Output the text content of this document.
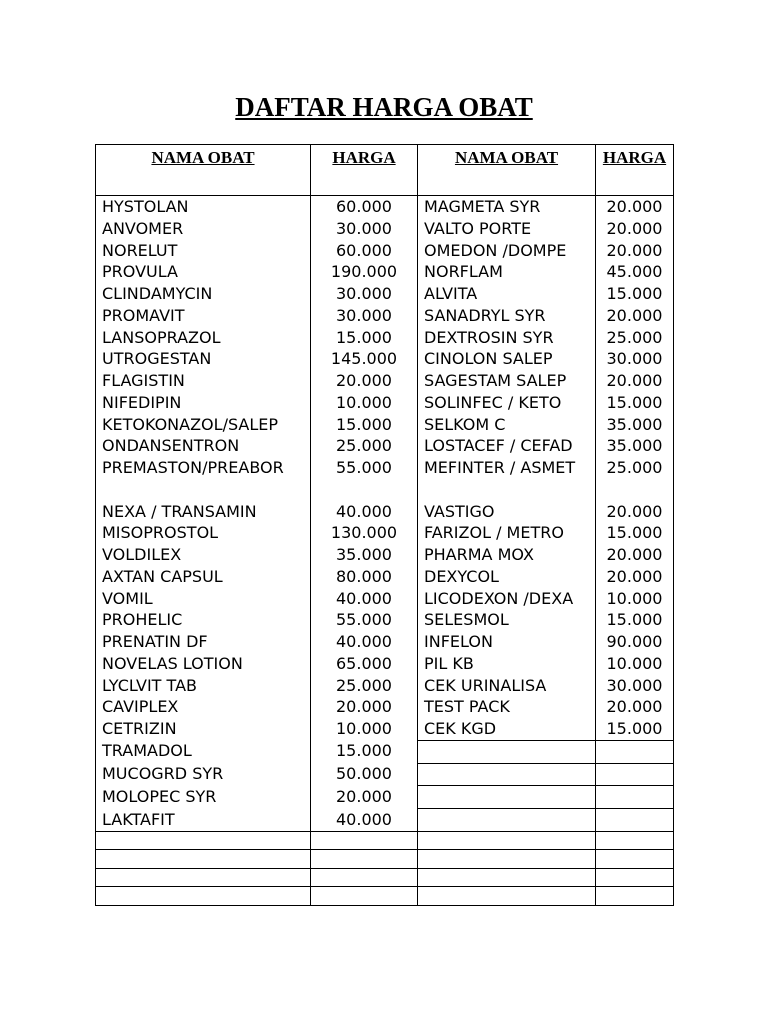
DAFTAR HARGA OBAT
NAMA OBAT	HARGA	NAMA OBAT	HARGA
HYSTOLAN	60.000	MAGMETA SYR	20.000
ANVOMER	30.000	VALTO PORTE	20.000
NORELUT	60.000	OMEDON /DOMPE	20.000
PROVULA	190.000	NORFLAM	45.000
CLINDAMYCIN	30.000	ALVITA	15.000
PROMAVIT	30.000	SANADRYL SYR	20.000
LANSOPRAZOL	15.000	DEXTROSIN SYR	25.000
UTROGESTAN	145.000	CINOLON SALEP	30.000
FLAGISTIN	20.000	SAGESTAM SALEP	20.000
NIFEDIPIN	10.000	SOLINFEC / KETO	15.000
KETOKONAZOL/SALEP	15.000	SELKOM C	35.000
ONDANSENTRON	25.000	LOSTACEF / CEFAD	35.000
PREMASTON/PREABOR	55.000	MEFINTER / ASMET	25.000
NEXA / TRANSAMIN	40.000	VASTIGO	20.000
MISOPROSTOL	130.000	FARIZOL / METRO	15.000
VOLDILEX	35.000	PHARMA MOX	20.000
AXTAN CAPSUL	80.000	DEXYCOL	20.000
VOMIL	40.000	LICODEXON /DEXA	10.000
PROHELIC	55.000	SELESMOL	15.000
PRENATIN DF	40.000	INFELON	90.000
NOVELAS LOTION	65.000	PIL KB	10.000
LYCLVIT TAB	25.000	CEK URINALISA	30.000
CAVIPLEX	20.000	TEST PACK	20.000
CETRIZIN	10.000	CEK KGD	15.000
TRAMADOL	15.000		
MUCOGRD SYR	50.000		
MOLOPEC SYR	20.000		
LAKTAFIT	40.000		
